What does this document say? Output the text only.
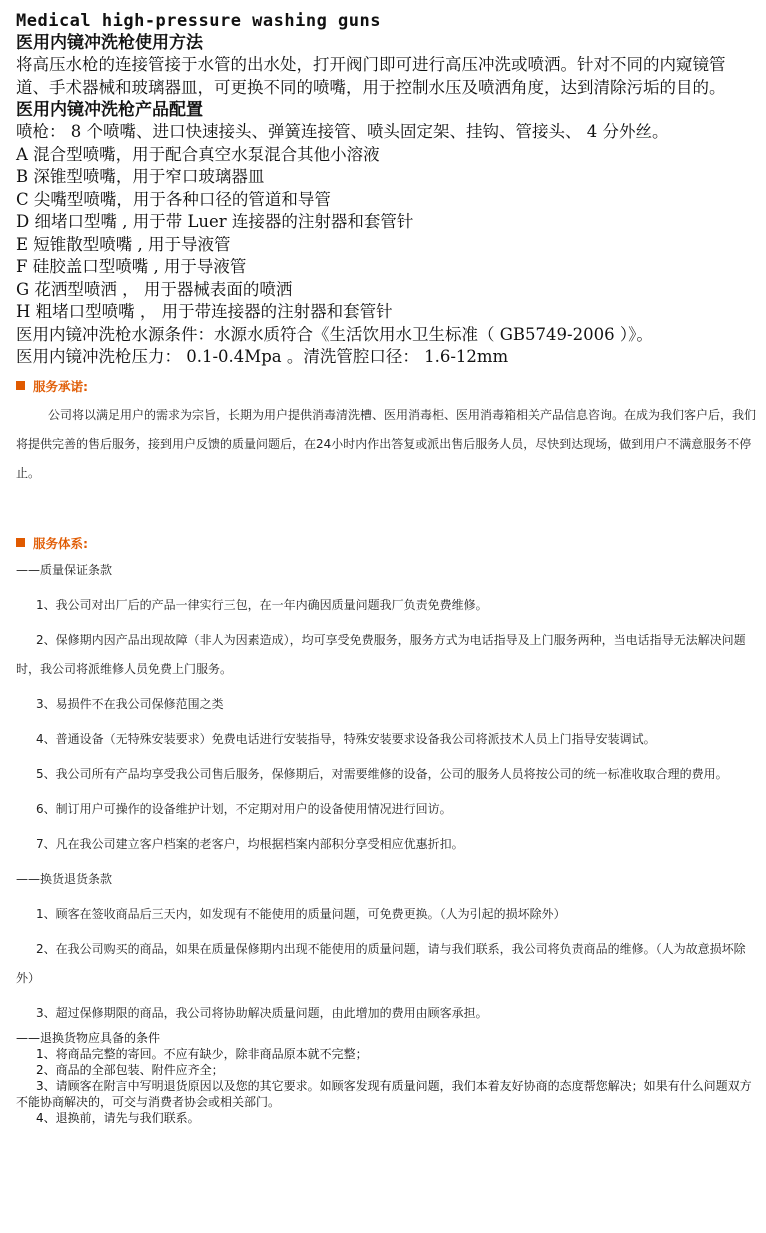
Medical high-pressure washing guns

医用内镜冲洗枪使用方法

将高压水枪的连接管接于水管的出水处，打开阀门即可进行高压冲洗或喷洒。针对不同的内窥镜管道、手术器械和玻璃器皿，可更换不同的喷嘴，用于控制水压及喷洒角度，达到清除污垢的目的。

医用内镜冲洗枪产品配置

喷枪： 8 个喷嘴、进口快速接头、弹簧连接管、喷头固定架、挂钩、管接头、 4 分外丝。

A 混合型喷嘴，用于配合真空水泵混合其他小溶液

B 深锥型喷嘴，用于窄口玻璃器皿

C 尖嘴型喷嘴，用于各种口径的管道和导管

D 细堵口型嘴 , 用于带 Luer 连接器的注射器和套管针

E 短锥散型喷嘴 , 用于导液管

F 硅胶盖口型喷嘴 , 用于导液管

G 花洒型喷洒 ， 用于器械表面的喷洒

H 粗堵口型喷嘴 ， 用于带连接器的注射器和套管针

医用内镜冲洗枪水源条件：水源水质符合《生活饮用水卫生标准（ GB5749-2006 ）》。

医用内镜冲洗枪压力： 0.1-0.4Mpa 。清洗管腔口径： 1.6-12mm

服务承诺:

公司将以满足用户的需求为宗旨，长期为用户提供消毒清洗槽、医用消毒柜、医用消毒箱相关产品信息咨询。在成为我们客户后，我们将提供完善的售后服务，接到用户反馈的质量问题后，在24小时内作出答复或派出售后服务人员，尽快到达现场，做到用户不满意服务不停止。

服务体系:

——质量保证条款

1、我公司对出厂后的产品一律实行三包，在一年内确因质量问题我厂负责免费维修。

2、保修期内因产品出现故障（非人为因素造成），均可享受免费服务，服务方式为电话指导及上门服务两种，当电话指导无法解决问题时，我公司将派维修人员免费上门服务。

3、易损件不在我公司保修范围之类

4、普通设备（无特殊安装要求）免费电话进行安装指导，特殊安装要求设备我公司将派技术人员上门指导安装调试。

5、我公司所有产品均享受我公司售后服务，保修期后，对需要维修的设备，公司的服务人员将按公司的统一标准收取合理的费用。

6、制订用户可操作的设备维护计划，不定期对用户的设备使用情况进行回访。

7、凡在我公司建立客户档案的老客户，均根据档案内部积分享受相应优惠折扣。

——换货退货条款

1、顾客在签收商品后三天内，如发现有不能使用的质量问题，可免费更换。（人为引起的损坏除外）

2、在我公司购买的商品，如果在质量保修期内出现不能使用的质量问题，请与我们联系，我公司将负责商品的维修。（人为故意损坏除外）

3、超过保修期限的商品，我公司将协助解决质量问题，由此增加的费用由顾客承担。

——退换货物应具备的条件

1、将商品完整的寄回。不应有缺少，除非商品原本就不完整；

2、商品的全部包装、附件应齐全；

3、请顾客在附言中写明退货原因以及您的其它要求。如顾客发现有质量问题，我们本着友好协商的态度帮您解决；如果有什么问题双方不能协商解决的，可交与消费者协会或相关部门。

4、退换前，请先与我们联系。
